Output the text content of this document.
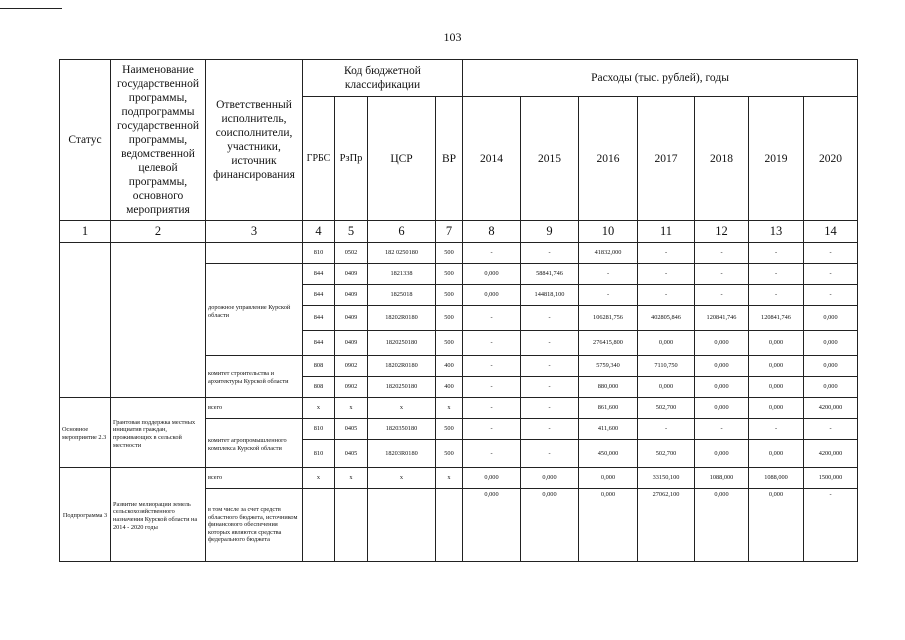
103
Статус	Наименование государственной программы, подпрограммы государственной программы, ведомственной целевой программы, основного мероприятия	Ответственный исполнитель, соисполнители, участники, источник финансирования	Код бюджетной классификации				Расходы (тыс. рублей), годы						
			ГРБС	РзПр	ЦСР	ВР	2014	2015	2016	2017	2018	2019	2020
1	2	3	4	5	6	7	8	9	10	11	12	13	14
			810	0502	182 0250180	500	-	-	41832,000	-	-	-	-
		дорожное управление Курской области	844	0409	1821338	500	0,000	58841,746	-	-	-	-	-
			844	0409	1825018	500	0,000	144818,100	-	-	-	-	-
			844	0409	18202R0180	500	-	-	106281,756	402805,846	120841,746	120841,746	0,000
			844	0409	1820250180	500	-	-	276415,800	0,000	0,000	0,000	0,000
		комитет строительства и архитектуры Курской области	808	0902	18202R0180	400	-	-	5759,340	7110,750	0,000	0,000	0,000
			808	0902	1820250180	400	-	-	880,000	0,000	0,000	0,000	0,000
Основное мероприятие 2.3	Грантовая поддержка местных инициатив граждан, проживающих в сельской местности	всего	x	x	x	x	-	-	861,600	502,700	0,000	0,000	4200,000
		комитет агропромышленного комплекса Курской области	810	0405	1820350180	500	-	-	411,600	-	-	-	-
			810	0405	18203R0180	500	-	-	450,000	502,700	0,000	0,000	4200,000
Подпрограмма 3	Развитие мелиорации земель сельскохозяйственного назначения Курской области на 2014 - 2020 годы	всего	x	x	x	x	0,000	0,000	0,000	33150,100	1088,000	1088,000	1500,000
		в том числе за счет средств областного бюджета, источником финансового обеспечения которых являются средства федерального бюджета					0,000	0,000	0,000	27062,100	0,000	0,000	-
